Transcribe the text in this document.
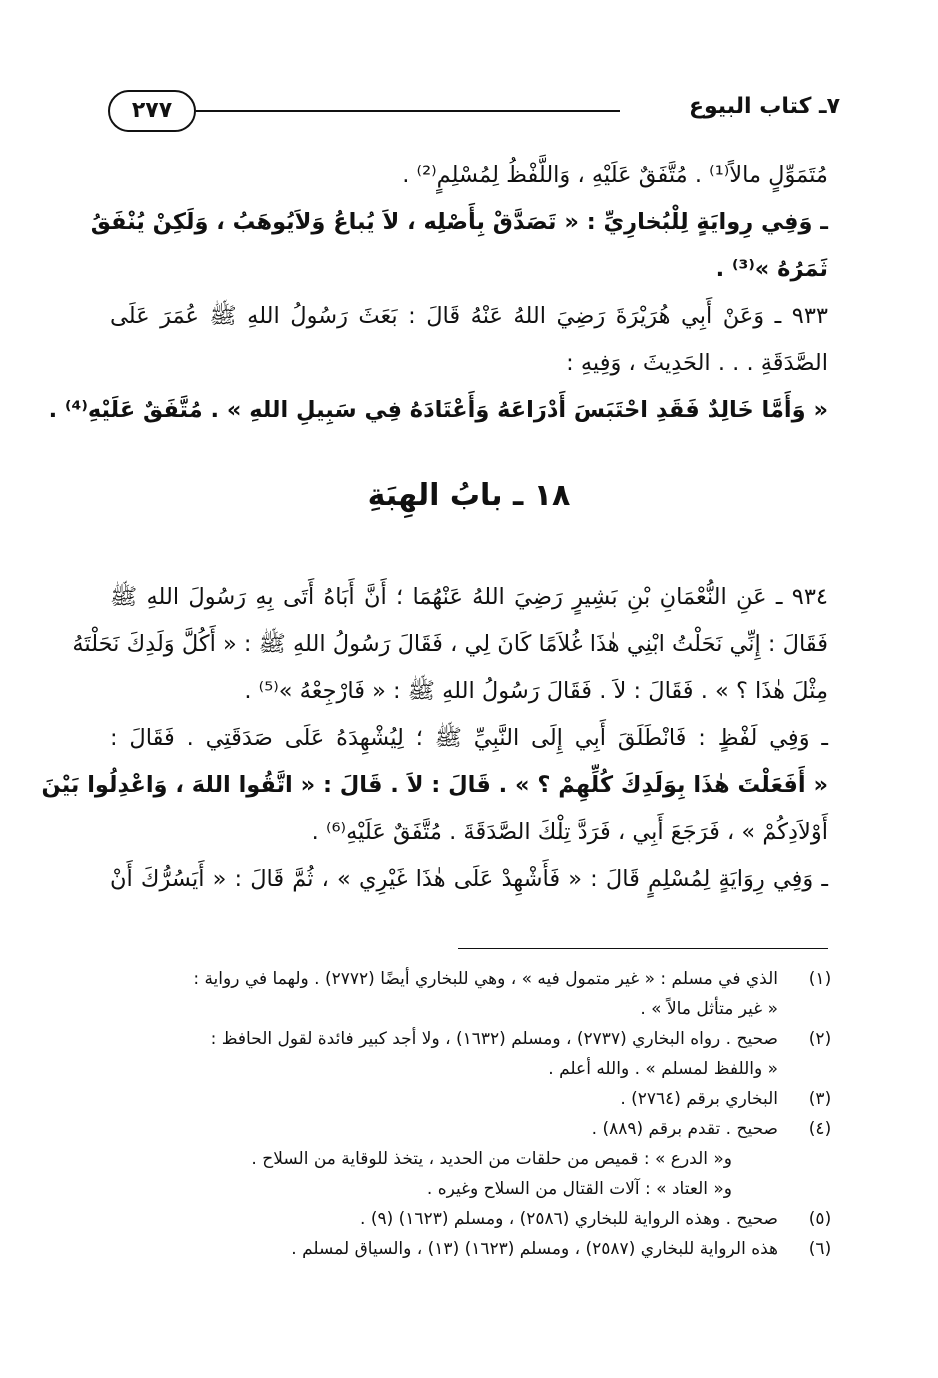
٧ـ كتاب البيوع
٢٧٧
مُتَمَوِّلٍ مالاً⁽¹⁾ . مُتَّفَقٌ عَلَيْهِ ، وَاللَّفْظُ لِمُسْلِمٍ⁽²⁾ .
ـ وَفِي رِوايَةٍ لِلْبُخارِيِّ : « تَصَدَّقْ بِأَصْلِه ، لاَ يُباعُ وَلاَيُوهَبُ ، وَلَكِنْ يُنْفَقُ
ثَمَرُهُ »⁽³⁾ .
٩٣٣ ـ وَعَنْ أَبِي هُرَيْرَةَ رَضِيَ اللهُ عَنْهُ قَالَ : بَعَثَ رَسُولُ اللهِ ﷺ عُمَرَ عَلَى
الصَّدَقَةِ . . . الحَدِيثَ ، وَفِيهِ :
« وَأَمَّا خَالِدٌ فَقَدِ احْتَبَسَ أَدْرَاعَهُ وَأَعْتَادَهُ فِي سَبِيلِ اللهِ » . مُتَّفَقٌ عَلَيْهِ⁽⁴⁾ .
١٨ ـ بابُ الهِبَةِ
٩٣٤ ـ عَنِ النُّعْمَانِ بْنِ بَشِيرٍ رَضِيَ اللهُ عَنْهُمَا ؛ أَنَّ أَبَاهُ أَتَى بِهِ رَسُولَ اللهِ ﷺ
فَقَالَ : إِنِّي نَحَلْتُ ابْنِي هٰذَا غُلاَمًا كَانَ لِي ، فَقَالَ رَسُولُ اللهِ ﷺ : « أَكُلَّ وَلَدِكَ نَحَلْتَهُ
مِثْلَ هٰذَا ؟ » . فَقَالَ : لاَ . فَقَالَ رَسُولُ اللهِ ﷺ : « فَارْجِعْهُ »⁽⁵⁾ .
ـ وَفِي لَفْظٍ : فَانْطَلَقَ أَبِي إِلَى النَّبِيِّ ﷺ ؛ لِيُشْهِدَهُ عَلَى صَدَقَتِي . فَقَالَ :
« أَفَعَلْتَ هٰذَا بِوَلَدِكَ كُلِّهِمْ ؟ » . قَالَ : لاَ . قَالَ : « اتَّقُوا اللهَ ، وَاعْدِلُوا بَيْنَ
أَوْلاَدِكُمْ » ، فَرَجَعَ أَبِي ، فَرَدَّ تِلْكَ الصَّدَقَةَ . مُتَّفَقٌ عَلَيْهِ⁽⁶⁾ .
ـ وَفِي رِوَايَةٍ لِمُسْلِمٍ قَالَ : « فَأَشْهِدْ عَلَى هٰذَا غَيْرِي » ، ثُمَّ قَالَ : « أَيَسُرُّكَ أَنْ
(١)
الذي في مسلم : « غير متمول فيه » ، وهي للبخاري أيضًا (٢٧٧٢) . ولهما في رواية :
« غير متأثل مالاً » .
(٢)
صحيح . رواه البخاري (٢٧٣٧) ، ومسلم (١٦٣٢) ، ولا أجد كبير فائدة لقول الحافظ :
« واللفظ لمسلم » . والله أعلم .
(٣)
البخاري برقم (٢٧٦٤) .
(٤)
صحيح . تقدم برقم (٨٨٩) .
و« الدرع » : قميص من حلقات من الحديد ، يتخذ للوقاية من السلاح .
و« العتاد » : آلات القتال من السلاح وغيره .
(٥)
صحيح . وهذه الرواية للبخاري (٢٥٨٦) ، ومسلم (١٦٢٣) (٩) .
(٦)
هذه الرواية للبخاري (٢٥٨٧) ، ومسلم (١٦٢٣) (١٣) ، والسياق لمسلم .
